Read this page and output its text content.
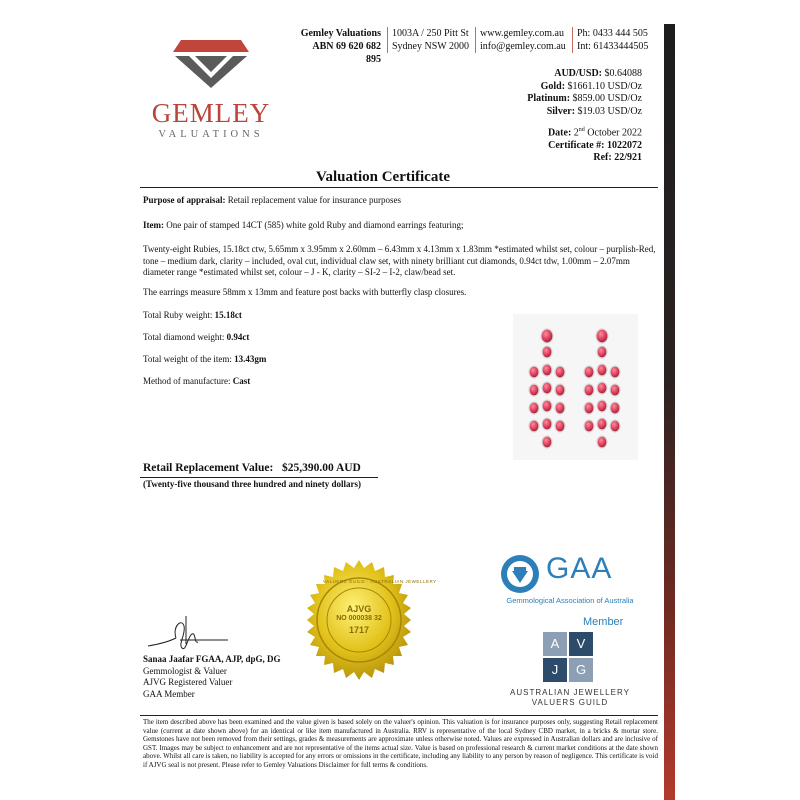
GEMLEY
VALUATIONS
Gemley Valuations
ABN 69 620 682 895
1003A / 250 Pitt St
Sydney NSW 2000
www.gemley.com.au
info@gemley.com.au
Ph: 0433 444 505
Int: 61433444505
AUD/USD: $0.64088
Gold: $1661.10 USD/Oz
Platinum: $859.00 USD/Oz
Silver: $19.03 USD/Oz
Date: 2nd October 2022
Certificate #: 1022072
Ref: 22/921
Valuation Certificate
Purpose of appraisal: Retail replacement value for insurance purposes
Item: One pair of stamped 14CT (585) white gold Ruby and diamond earrings featuring;
Twenty-eight Rubies, 15.18ct ctw, 5.65mm x 3.95mm x 2.60mm – 6.43mm x 4.13mm x 1.83mm *estimated whilst set, colour – purplish-Red, tone – medium dark, clarity – included, oval cut, individual claw set, with ninety brilliant cut diamonds, 0.94ct tdw, 1.00mm – 2.07mm diameter range *estimated whilst set, colour – J - K, clarity – SI-2 – I-2, claw/bead set.
The earrings measure 58mm x 13mm and feature post backs with butterfly clasp closures.
Total Ruby weight: 15.18ct
Total diamond weight: 0.94ct
Total weight of the item: 13.43gm
Method of manufacture: Cast
Retail Replacement Value: $25,390.00 AUD
(Twenty-five thousand three hundred and ninety dollars)
VALUERS GUILD · AUSTRALIAN JEWELLERY ·
AJVG
NO 000038 32
1717
Sanaa Jaafar FGAA, AJP, dpG, DG
Gemmologist & Valuer
AJVG Registered Valuer
GAA Member
GAA
Gemmological Association of Australia
Member
A	V
J	G
AUSTRALIAN JEWELLERY
VALUERS GUILD
The item described above has been examined and the value given is based solely on the valuer's opinion. This valuation is for insurance purposes only, suggesting Retail replacement value (current at date shown above) for an identical or like item manufactured in Australia. RRV is representative of the local Sydney CBD market, in a bricks & mortar store. Gemstones have not been removed from their settings, grades & measurements are approximate unless otherwise noted. Values are expressed in Australian dollars and are inclusive of GST. Images may be subject to enhancement and are not representative of the items actual size. Value is based on professional research & current market conditions at the date shown above. Whilst all care is taken, no liability is accepted for any errors or omissions in the certificate, including any liability to any person by reason of negligence. This certificate is void if AJVG seal is not present. Please refer to Gemley Valuations Disclaimer for full terms & conditions.
